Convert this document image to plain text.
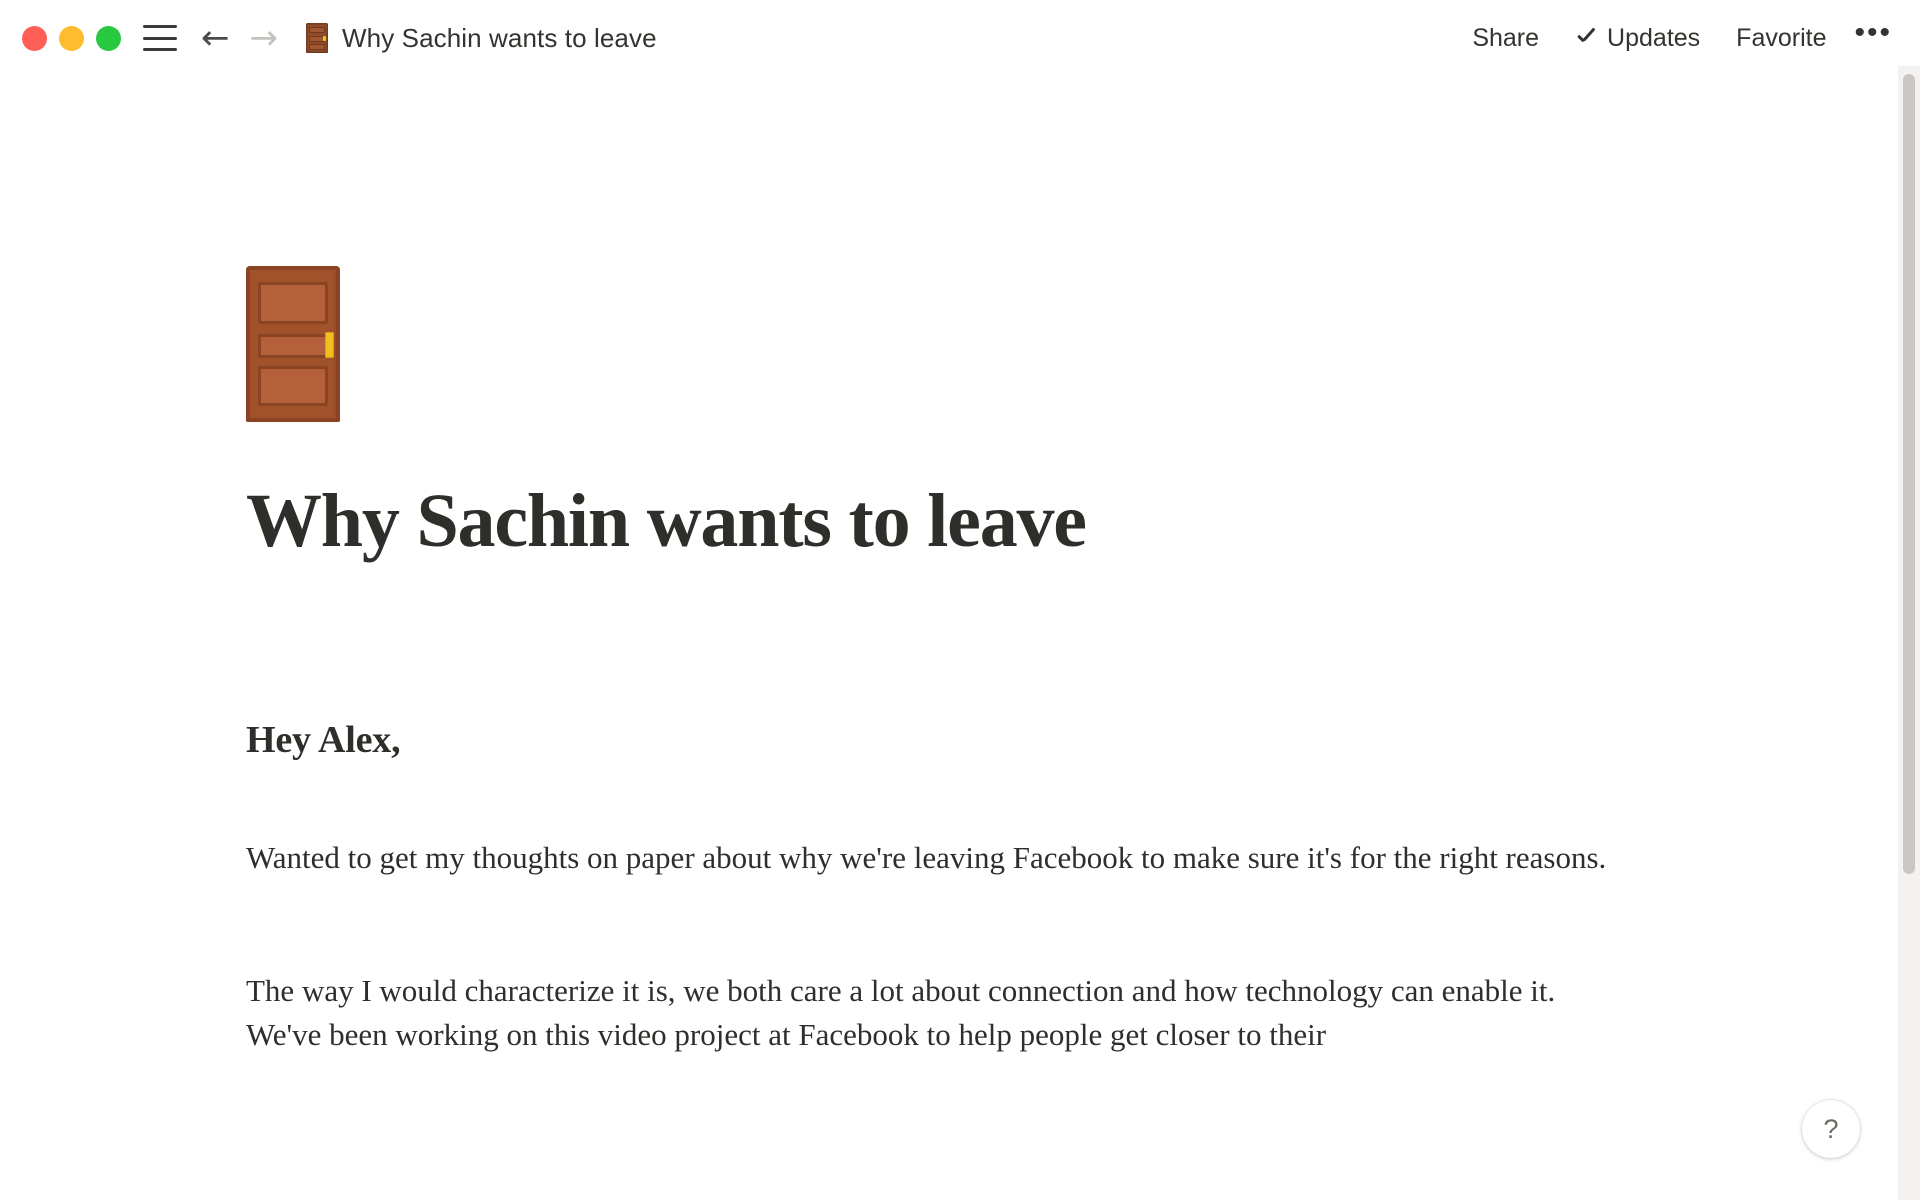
← → Why Sachin wants to leave	Share	Updates Favorite •••
Why Sachin wants to leave
Hey Alex,
Wanted to get my thoughts on paper about why we're leaving Facebook to make sure it's for the right reasons.
The way I would characterize it is, we both care a lot about connection and how technology can enable it. We've been working on this video project at Facebook to help people get closer to their
?
